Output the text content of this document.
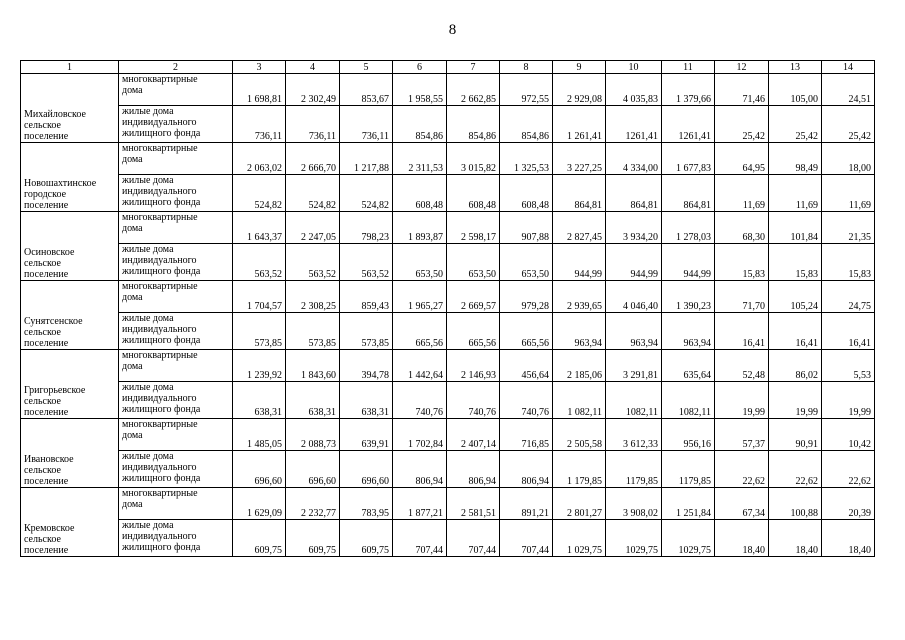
8
1	2	3	4	5	6	7	8	9	10	11	12	13	14
Михайловское
сельское
поселение	многоквартирные
дома	1 698,81	2 302,49	853,67	1 958,55	2 662,85	972,55	2 929,08	4 035,83	1 379,66	71,46	105,00	24,51
	жилые дома
индивидуального
жилищного фонда	736,11	736,11	736,11	854,86	854,86	854,86	1 261,41	1261,41	1261,41	25,42	25,42	25,42
Новошахтинское
городское
поселение	многоквартирные
дома	2 063,02	2 666,70	1 217,88	2 311,53	3 015,82	1 325,53	3 227,25	4 334,00	1 677,83	64,95	98,49	18,00
	жилые дома
индивидуального
жилищного фонда	524,82	524,82	524,82	608,48	608,48	608,48	864,81	864,81	864,81	11,69	11,69	11,69
Осиновское
сельское
поселение	многоквартирные
дома	1 643,37	2 247,05	798,23	1 893,87	2 598,17	907,88	2 827,45	3 934,20	1 278,03	68,30	101,84	21,35
	жилые дома
индивидуального
жилищного фонда	563,52	563,52	563,52	653,50	653,50	653,50	944,99	944,99	944,99	15,83	15,83	15,83
Сунятсенское
сельское
поселение	многоквартирные
дома	1 704,57	2 308,25	859,43	1 965,27	2 669,57	979,28	2 939,65	4 046,40	1 390,23	71,70	105,24	24,75
	жилые дома
индивидуального
жилищного фонда	573,85	573,85	573,85	665,56	665,56	665,56	963,94	963,94	963,94	16,41	16,41	16,41
Григорьевское
сельское
поселение	многоквартирные
дома	1 239,92	1 843,60	394,78	1 442,64	2 146,93	456,64	2 185,06	3 291,81	635,64	52,48	86,02	5,53
	жилые дома
индивидуального
жилищного фонда	638,31	638,31	638,31	740,76	740,76	740,76	1 082,11	1082,11	1082,11	19,99	19,99	19,99
Ивановское
сельское
поселение	многоквартирные
дома	1 485,05	2 088,73	639,91	1 702,84	2 407,14	716,85	2 505,58	3 612,33	956,16	57,37	90,91	10,42
	жилые дома
индивидуального
жилищного фонда	696,60	696,60	696,60	806,94	806,94	806,94	1 179,85	1179,85	1179,85	22,62	22,62	22,62
Кремовское
сельское
поселение	многоквартирные
дома	1 629,09	2 232,77	783,95	1 877,21	2 581,51	891,21	2 801,27	3 908,02	1 251,84	67,34	100,88	20,39
	жилые дома
индивидуального
жилищного фонда	609,75	609,75	609,75	707,44	707,44	707,44	1 029,75	1029,75	1029,75	18,40	18,40	18,40
